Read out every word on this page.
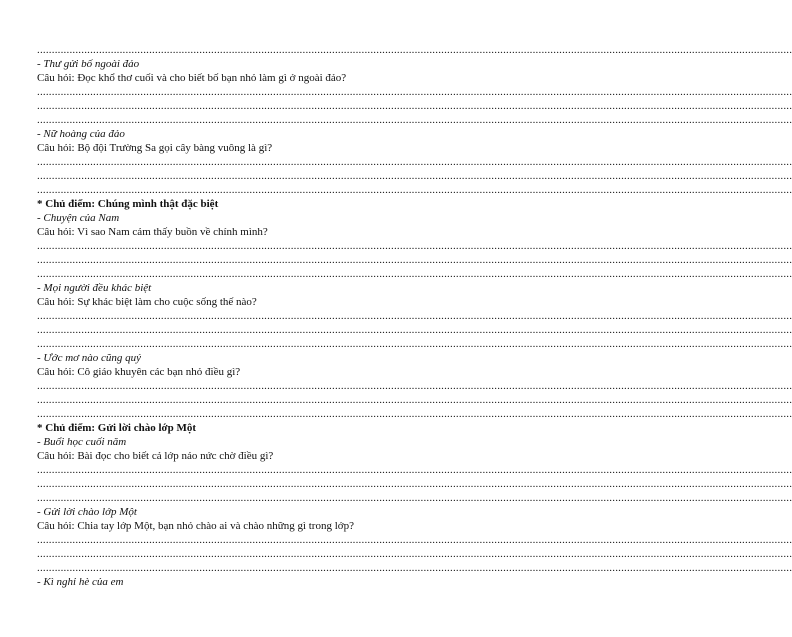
................................................................................................................................................................................................................................................................
- Thư gửi bố ngoài đảo
Câu hỏi: Đọc khổ thơ cuối và cho biết bố bạn nhỏ làm gì ở ngoài đảo?
................................................................................................................................................................................................................................................................
................................................................................................................................................................................................................................................................
................................................................................................................................................................................................................................................................
- Nữ hoàng của đảo
Câu hỏi: Bộ đội Trường Sa gọi cây bàng vuông là gì?
................................................................................................................................................................................................................................................................
................................................................................................................................................................................................................................................................
................................................................................................................................................................................................................................................................
* Chủ điểm: Chúng mình thật đặc biệt
- Chuyện của Nam
Câu hỏi: Vì sao Nam cảm thấy buồn về chính mình?
................................................................................................................................................................................................................................................................
................................................................................................................................................................................................................................................................
................................................................................................................................................................................................................................................................
- Mọi người đều khác biệt
Câu hỏi: Sự khác biệt làm cho cuộc sống thế nào?
................................................................................................................................................................................................................................................................
................................................................................................................................................................................................................................................................
................................................................................................................................................................................................................................................................
- Ước mơ nào cũng quý
Câu hỏi: Cô giáo khuyên các bạn nhỏ điều gì?
................................................................................................................................................................................................................................................................
................................................................................................................................................................................................................................................................
................................................................................................................................................................................................................................................................
* Chủ điểm: Gửi lời chào lớp Một
- Buổi học cuối năm
Câu hỏi: Bài đọc cho biết cả lớp náo nức chờ điều gì?
................................................................................................................................................................................................................................................................
................................................................................................................................................................................................................................................................
................................................................................................................................................................................................................................................................
- Gửi lời chào lớp Một
Câu hỏi: Chia tay lớp Một, bạn nhỏ chào ai và chào những gì trong lớp?
................................................................................................................................................................................................................................................................
................................................................................................................................................................................................................................................................
................................................................................................................................................................................................................................................................
- Kì nghỉ hè của em
